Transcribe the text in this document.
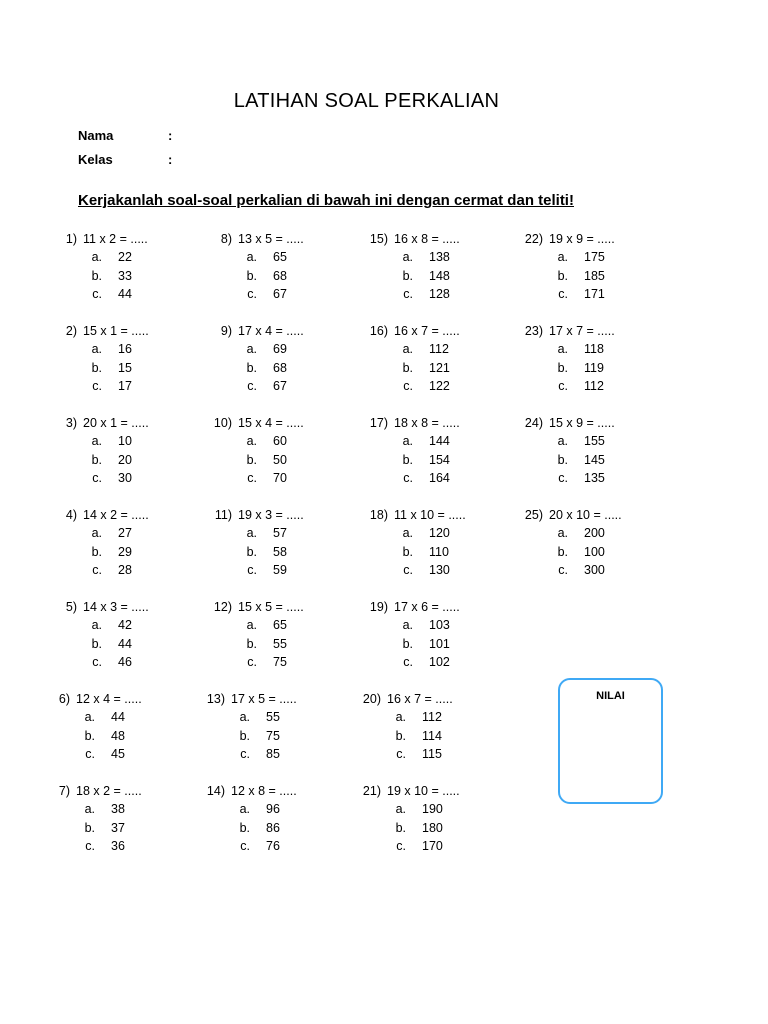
LATIHAN SOAL PERKALIAN
Nama	:
Kelas	:
Kerjakanlah soal-soal perkalian di bawah ini dengan cermat dan teliti!
1) 11 x 2 = .....
a. 22
b. 33
c. 44
2) 15 x 1 = .....
a. 16
b. 15
c. 17
3) 20 x 1 = .....
a. 10
b. 20
c. 30
4) 14 x 2 = .....
a. 27
b. 29
c. 28
5) 14 x 3 = .....
a. 42
b. 44
c. 46
8) 13 x 5 = .....
a. 65
b. 68
c. 67
9) 17 x 4 = .....
a. 69
b. 68
c. 67
10) 15 x 4 = .....
a. 60
b. 50
c. 70
11) 19 x 3 = .....
a. 57
b. 58
c. 59
12) 15 x 5 = .....
a. 65
b. 55
c. 75
15) 16 x 8 = .....
a. 138
b. 148
c. 128
16) 16 x 7 = .....
a. 112
b. 121
c. 122
17) 18 x 8 = .....
a. 144
b. 154
c. 164
18) 11 x 10 = .....
a. 120
b. 110
c. 130
19) 17 x 6 = .....
a. 103
b. 101
c. 102
22) 19 x 9 = .....
a. 175
b. 185
c. 171
23) 17 x 7 = .....
a. 118
b. 119
c. 112
24) 15 x 9 = .....
a. 155
b. 145
c. 135
25) 20 x 10 = .....
a. 200
b. 100
c. 300
6) 12 x 4 = .....
a. 44
b. 48
c. 45
7) 18 x 2 = .....
a. 38
b. 37
c. 36
13) 17 x 5 = .....
a. 55
b. 75
c. 85
14) 12 x 8 = .....
a. 96
b. 86
c. 76
20) 16 x 7 = .....
a. 112
b. 114
c. 115
21) 19 x 10 = .....
a. 190
b. 180
c. 170
NILAI
